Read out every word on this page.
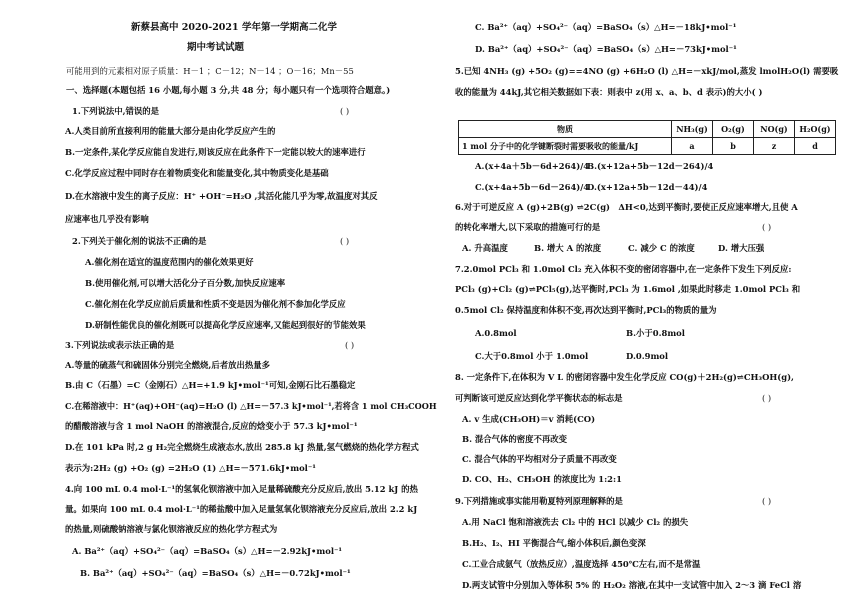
新蔡县高中 2020-2021 学年第一学期高二化学
期中考试试题
可能用到的元素相对原子质量：H－1 ；C－12；N－14 ；O－16；Mn－55
一、选择题(本题包括 16 小题,每小题 3 分,共 48 分；每小题只有一个选项符合题意。)
1.下列说法中,错误的是	( )
A.人类目前所直接利用的能量大部分是由化学反应产生的
B.一定条件,某化学反应能自发进行,则该反应在此条件下一定能以较大的速率进行
C.化学反应过程中同时存在着物质变化和能量变化,其中物质变化是基础
D.在水溶液中发生的离子反应：H⁺ +OH⁻=H₂O ,其活化能几乎为零,故温度对其反
应速率也几乎没有影响
2.下列关于催化剂的说法不正确的是	( )
A.催化剂在适宜的温度范围内的催化效果更好
B.使用催化剂,可以增大活化分子百分数,加快反应速率
C.催化剂在化学反应前后质量和性质不变是因为催化剂不参加化学反应
D.研制性能优良的催化剂既可以提高化学反应速率,又能起到很好的节能效果
3.下列说法或表示法正确的是	( )
A.等量的硫蒸气和硫固体分别完全燃烧,后者放出热量多
B.由 C（石墨）=C（金刚石）△H=+1.9 kJ•mol⁻¹可知,金刚石比石墨稳定
C.在稀溶液中：H⁺(aq)+OH⁻(aq)=H₂O (l) △H=－57.3 kJ•mol⁻¹,若将含 1 mol CH₃COOH
的醋酸溶液与含 1 mol NaOH 的溶液混合,反应的焓变小于 57.3 kJ•mol⁻¹
D.在 101 kPa 时,2 g H₂完全燃烧生成液态水,放出 285.8 kJ 热量,氢气燃烧的热化学方程式
表示为:2H₂ (g) +O₂ (g) =2H₂O (1) △H=－571.6kJ•mol⁻¹
4.向 100 mL 0.4 mol·L⁻¹的氢氧化钡溶液中加入足量稀硫酸充分反应后,放出 5.12 kJ 的热
量。如果向 100 mL 0.4 mol·L⁻¹的稀盐酸中加入足量氢氧化钡溶液充分反应后,放出 2.2 kJ
的热量,则硫酸钠溶液与氯化钡溶液反应的热化学方程式为
A. Ba²⁺（aq）+SO₄²⁻（aq）=BaSO₄（s）△H=－2.92kJ•mol⁻¹
B. Ba²⁺（aq）+SO₄²⁻（aq）=BaSO₄（s）△H=－0.72kJ•mol⁻¹
C. Ba²⁺（aq）+SO₄²⁻（aq）=BaSO₄（s）△H=－18kJ•mol⁻¹
D. Ba²⁺（aq）+SO₄²⁻（aq）=BaSO₄（s）△H=－73kJ•mol⁻¹
5.已知 4NH₃ (g) +5O₂ (g)==4NO (g) +6H₂O (l) △H=－xkJ/mol,蒸发 lmolH₂O(l) 需要吸
收的能量为 44kJ,其它相关数据如下表：则表中 z(用 x、a、b、d 表示)的大小( )
物质	NH₃(g)	O₂(g)	NO(g)	H₂O(g)
1 mol 分子中的化学键断裂时需要吸收的能量/kJ	a	b	z	d
A.(x+4a＋5b－6d+264)/4
B.(x+12a+5b－12d－264)/4
C.(x+4a+5b－6d－264)/4
D.(x+12a+5b－12d－44)/4
6.对于可逆反应 A (g)+2B(g) ⇌2C(g)　ΔH<0,达到平衡时,要使正反应速率增大,且使 A
的转化率增大,以下采取的措施可行的是	( )
A. 升高温度	B. 增大 A 的浓度	C. 减少 C 的浓度	D. 增大压强
7.2.0mol PCl₃ 和 1.0mol Cl₂ 充入体积不变的密闭容器中,在一定条件下发生下列反应:
PCl₃ (g)+Cl₂ (g)⇌PCl₅(g),达平衡时,PCl₃ 为 1.6mol ,如果此时移走 1.0mol PCl₃ 和
0.5mol Cl₂ 保持温度和体积不变,再次达到平衡时,PCl₃的物质的量为
A.0.8mol	B.小于0.8mol
C.大于0.8mol 小于 1.0mol	D.0.9mol
8. 一定条件下,在体积为 V L 的密闭容器中发生化学反应 CO(g)＋2H₂(g)⇌CH₃OH(g),
可判断该可逆反应达到化学平衡状态的标志是	( )
A. v 生成(CH₃OH)＝v 消耗(CO)
B. 混合气体的密度不再改变
C. 混合气体的平均相对分子质量不再改变
D. CO、H₂、CH₃OH 的浓度比为 1:2:1
9.下列措施或事实能用勒夏特列原理解释的是	( )
A.用 NaCl 饱和溶液洗去 Cl₂ 中的 HCl 以减少 Cl₂ 的损失
B.H₂、I₂、HI 平衡混合气,缩小体积后,颜色变深
C.工业合成氨气（放热反应）,温度选择 450℃左右,而不是常温
D.两支试管中分别加入等体积 5% 的 H₂O₂ 溶液,在其中一支试管中加入 2～3 滴 FeCl 溶
